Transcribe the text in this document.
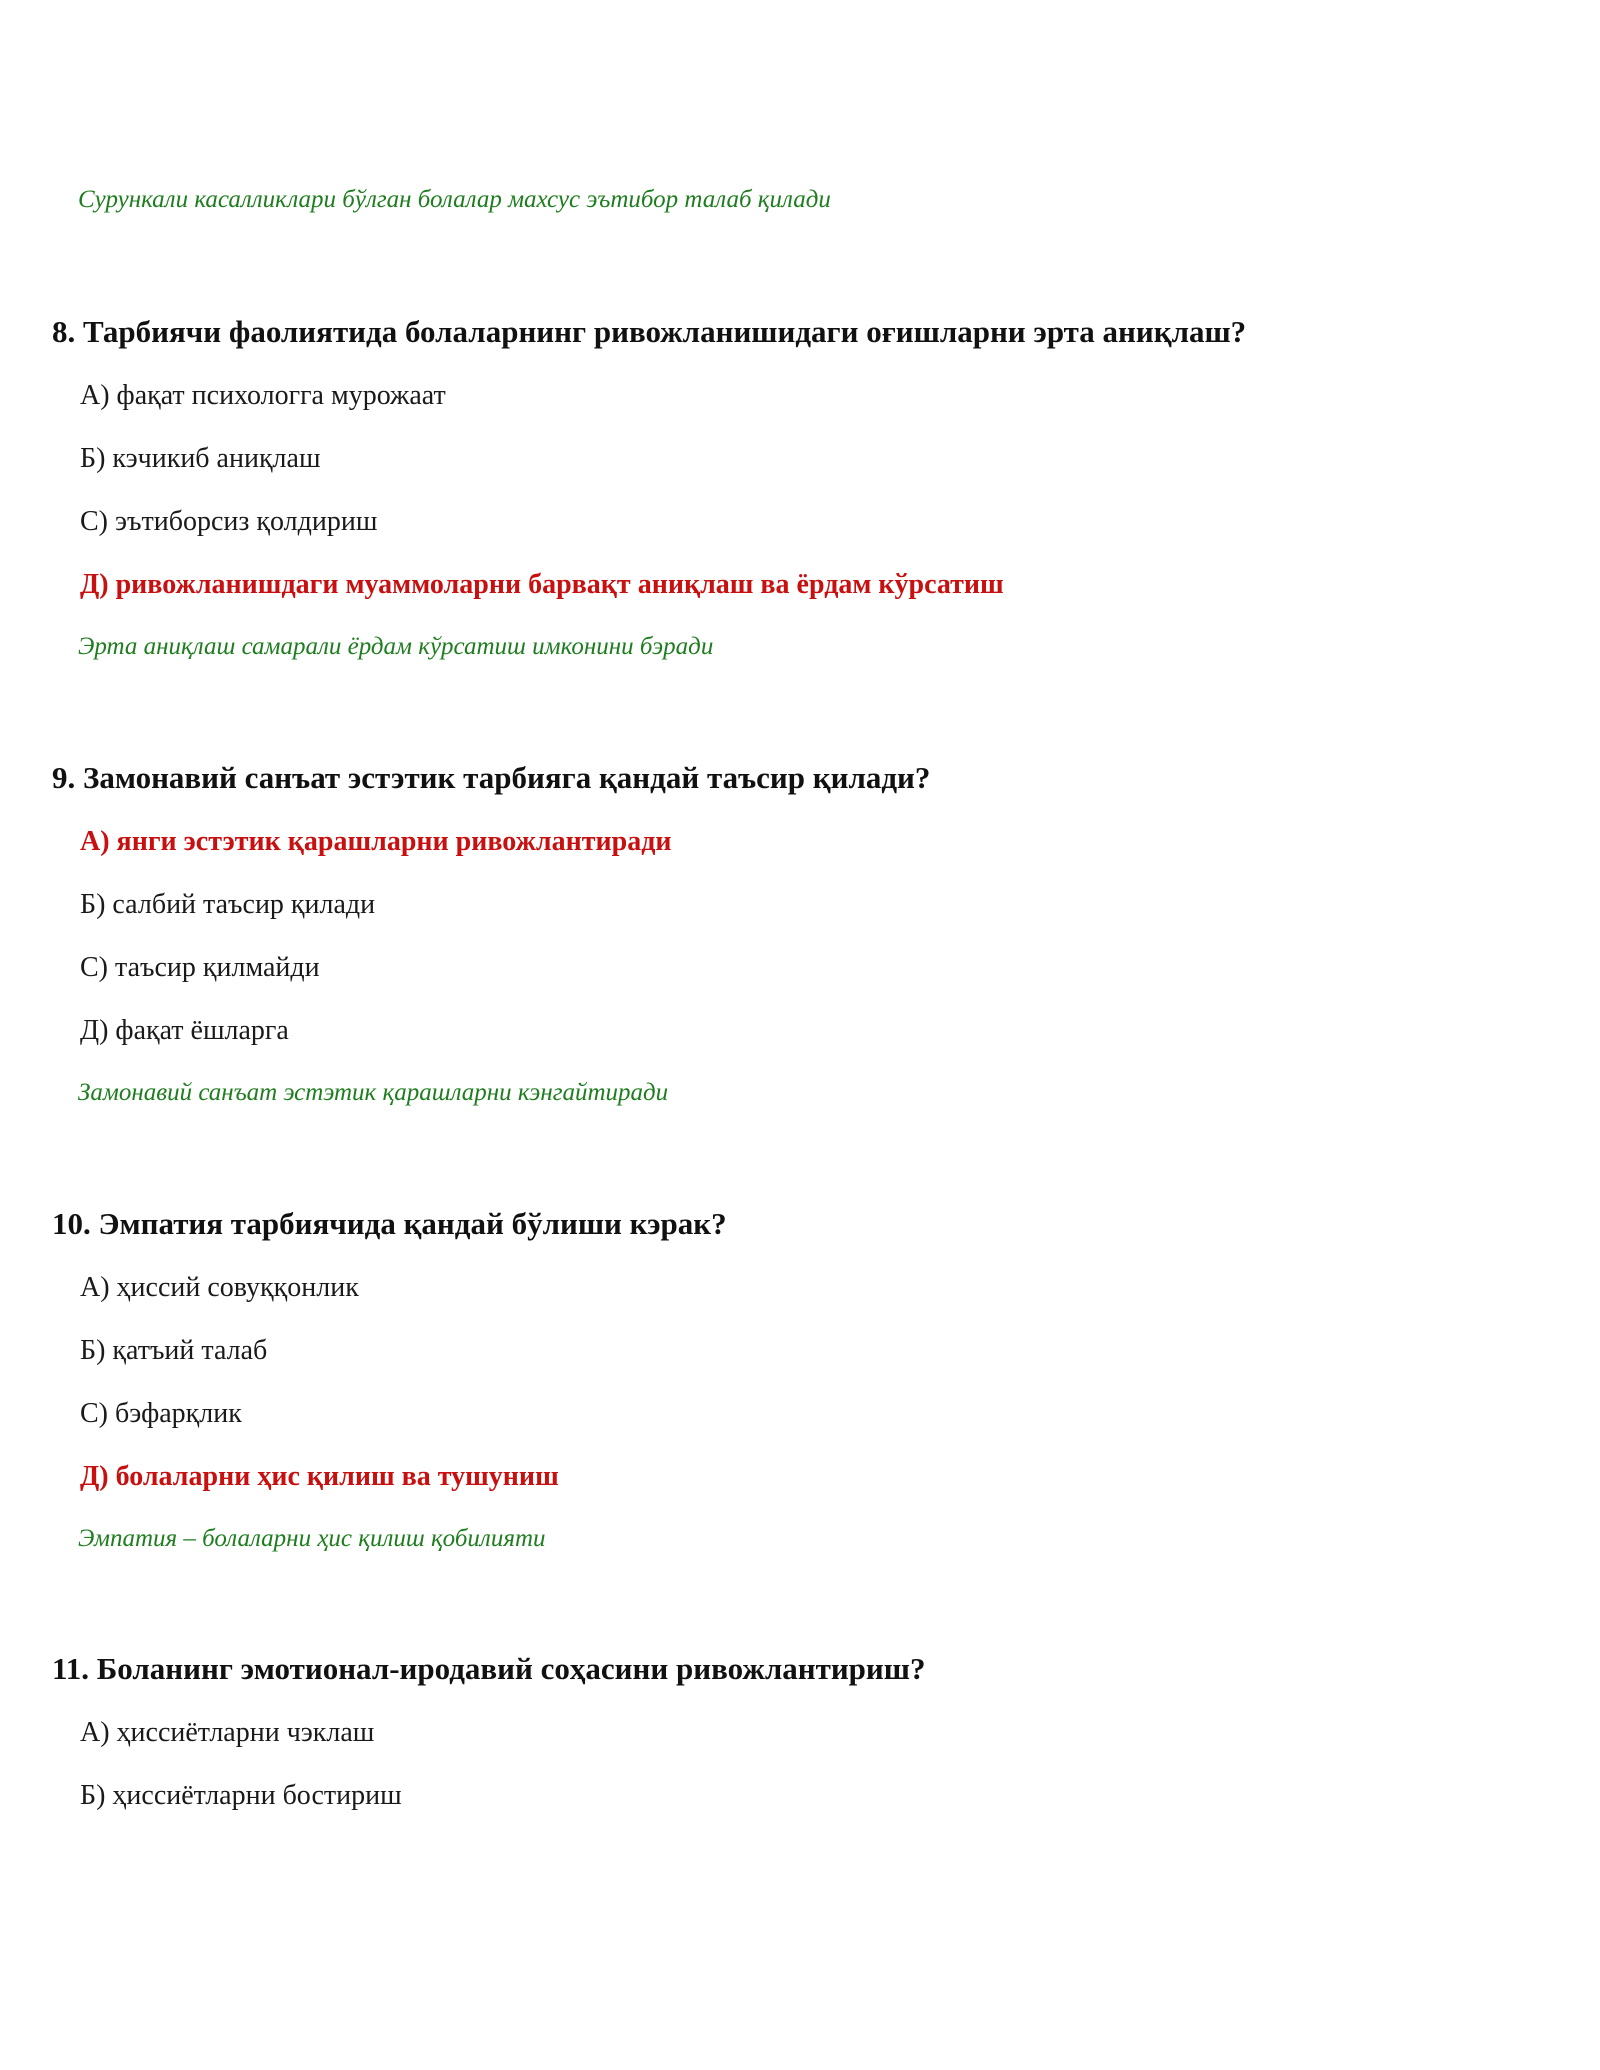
Сурункали касалликлари бўлган болалар махсус эътибор талаб қилади
8. Тарбиячи фаолиятида болаларнинг ривожланишидаги оғишларни эрта аниқлаш?
А) фақат психологга мурожаат
Б) кэчикиб аниқлаш
С) эътиборсиз қолдириш
Д) ривожланишдаги муаммоларни барвақт аниқлаш ва ёрдам кўрсатиш
Эрта аниқлаш самарали ёрдам кўрсатиш имконини бэради
9. Замонавий санъат эстэтик тарбияга қандай таъсир қилади?
А) янги эстэтик қарашларни ривожлантиради
Б) салбий таъсир қилади
С) таъсир қилмайди
Д) фақат ёшларга
Замонавий санъат эстэтик қарашларни кэнгайтиради
10. Эмпатия тарбиячида қандай бўлиши кэрак?
А) ҳиссий совуққонлик
Б) қатъий талаб
С) бэфарқлик
Д) болаларни ҳис қилиш ва тушуниш
Эмпатия – болаларни ҳис қилиш қобилияти
11. Боланинг эмотионал-иродавий соҳасини ривожлантириш?
А) ҳиссиётларни чэклаш
Б) ҳиссиётларни бостириш
